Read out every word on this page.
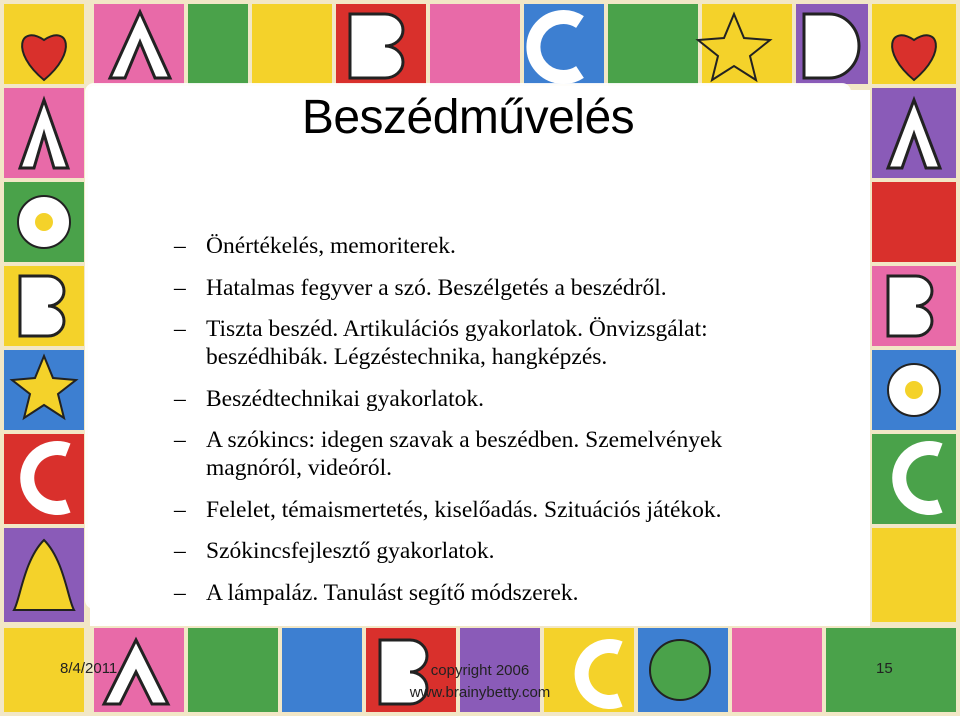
Beszédművelés
– Önértékelés, memoriterek.
– Hatalmas fegyver a szó. Beszélgetés a beszédről.
– Tiszta beszéd. Artikulációs gyakorlatok. Önvizsgálat: beszédhibák. Légzéstechnika, hangképzés.
– Beszédtechnikai gyakorlatok.
– A szókincs: idegen szavak a beszédben. Szemelvények magnóról, videóról.
– Felelet, témaismertetés, kiselőadás. Szituációs játékok.
– Szókincsfejlesztő gyakorlatok.
– A lámpaláz. Tanulást segítő módszerek.
8/4/2011	copyright 2006
www.brainybetty.com
15
